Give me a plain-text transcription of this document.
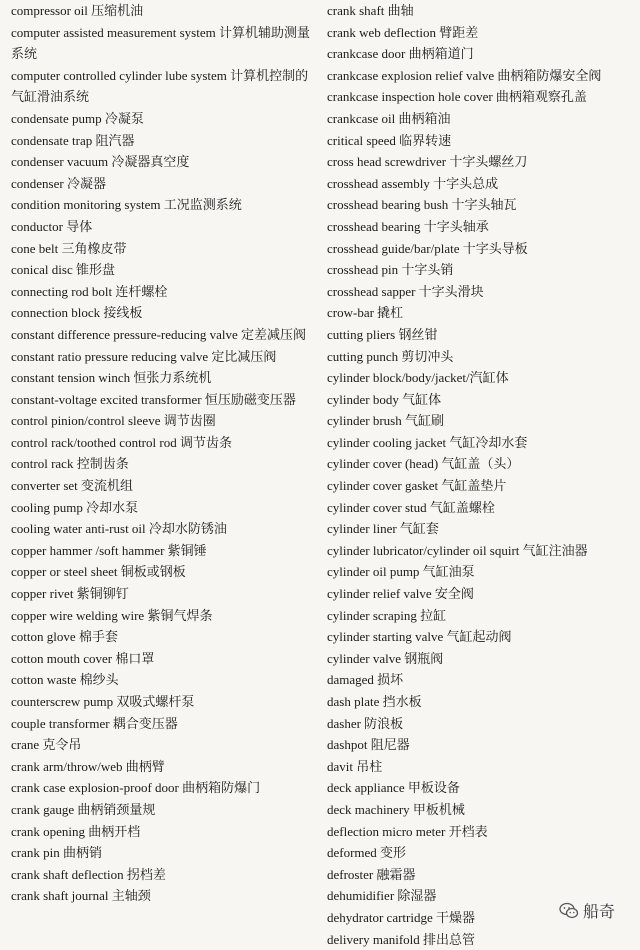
compressor oil 压缩机油
computer assisted measurement system 计算机辅助测量系统
computer controlled cylinder lube system 计算机控制的气缸滑油系统
condensate pump 冷凝泵
condensate trap 阻汽器
condenser vacuum 冷凝器真空度
condenser 冷凝器
condition monitoring system 工况监测系统
conductor 导体
cone belt 三角橡皮带
conical disc 锥形盘
connecting rod bolt 连杆螺栓
connection block 接线板
constant difference pressure-reducing valve 定差减压阀
constant ratio pressure reducing valve 定比减压阀
constant tension winch 恒张力系统机
constant-voltage excited transformer 恒压励磁变压器
control pinion/control sleeve 调节齿圈
control rack/toothed control rod 调节齿条
control rack 控制齿条
converter set 变流机组
cooling pump 冷却水泵
cooling water anti-rust oil 冷却水防锈油
copper hammer /soft hammer 紫铜锤
copper or steel sheet 铜板或钢板
copper rivet 紫铜铆钉
copper wire welding wire 紫铜气焊条
cotton glove 棉手套
cotton mouth cover 棉口罩
cotton waste 棉纱头
counterscrew pump 双吸式螺杆泵
couple transformer 耦合变压器
crane 克令吊
crank arm/throw/web 曲柄臂
crank case explosion-proof door 曲柄箱防爆门
crank gauge 曲柄销颈量规
crank opening 曲柄开档
crank pin 曲柄销
crank shaft deflection 拐档差
crank shaft journal 主轴颈
crank shaft 曲轴
crank web deflection 臂距差
crankcase door 曲柄箱道门
crankcase explosion relief valve 曲柄箱防爆安全阀
crankcase inspection hole cover 曲柄箱观察孔盖
crankcase oil 曲柄箱油
critical speed 临界转速
cross head screwdriver 十字头螺丝刀
crosshead assembly 十字头总成
crosshead bearing bush 十字头轴瓦
crosshead bearing 十字头轴承
crosshead guide/bar/plate 十字头导板
crosshead pin 十字头销
crosshead sapper 十字头滑块
crow-bar 撬杠
cutting pliers 钢丝钳
cutting punch 剪切冲头
cylinder block/body/jacket/汽缸体
cylinder body 气缸体
cylinder brush 气缸刷
cylinder cooling jacket 气缸冷却水套
cylinder cover (head) 气缸盖（头）
cylinder cover gasket 气缸盖垫片
cylinder cover stud 气缸盖螺栓
cylinder liner 气缸套
cylinder lubricator/cylinder oil squirt 气缸注油器
cylinder oil pump 气缸油泵
cylinder relief valve 安全阀
cylinder scraping 拉缸
cylinder starting valve 气缸起动阀
cylinder valve 钢瓶阀
damaged 损坏
dash plate 挡水板
dasher 防浪板
dashpot 阻尼器
davit 吊柱
deck appliance 甲板设备
deck machinery 甲板机械
deflection micro meter 开档表
deformed 变形
defroster 融霜器
dehumidifier 除湿器
dehydrator cartridge 干燥器
delivery manifold 排出总管
船奇
